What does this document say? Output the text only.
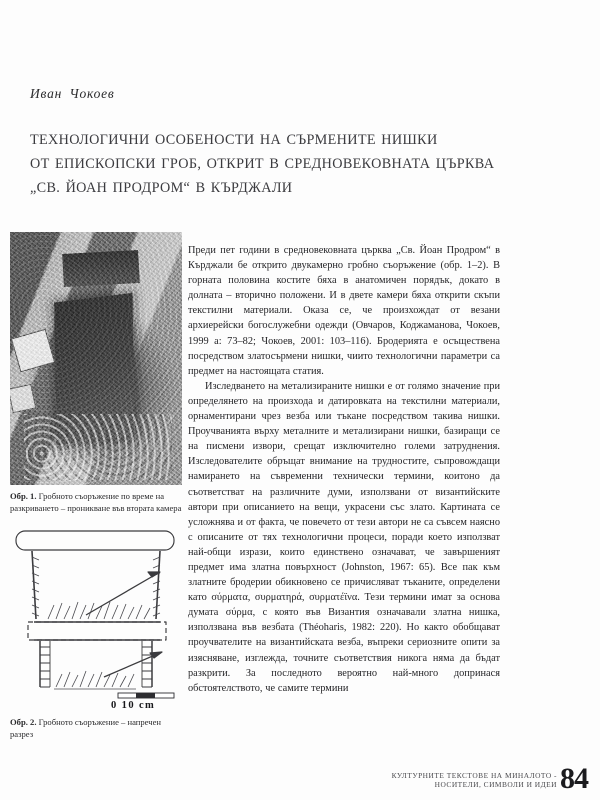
Иван Чокоев
ТЕХНОЛОГИЧНИ ОСОБЕНОСТИ НА СЪРМЕНИТЕ НИШКИ
ОТ ЕПИСКОПСКИ ГРОБ, ОТКРИТ В СРЕДНОВЕКОВНАТА ЦЪРКВА
„СВ. ЙОАН ПРОДРОМ“ В КЪРДЖАЛИ
Обр. 1. Гробното съоръжение по време на разкриването – проникване във втората камера
0 10 cm
Обр. 2. Гробното съоръжение – напречен разрез

Преди пет години в средновековната църква „Св. Йоан Продром“ в Кърджали бе открито двукамерно гробно съоръжение (обр. 1–2). В горната половина костите бяха в анатомичен порядък, докато в долната – вторично положени. И в двете камери бяха открити скъпи текстилни материали. Оказа се, че произхождат от везани архиерейски богослужебни одежди (Овчаров, Коджаманова, Чокоев, 1999 а: 73–82; Чокоев, 2001: 103–116). Бродерията е осъществена посредством златосърмени нишки, чиито технологични параметри са предмет на настоящата статия.

Изследването на метализираните нишки е от голямо значение при определянето на произхода и датировката на текстилни материали, орнаментирани чрез везба или тъкане посредством такива нишки. Проучванията върху металните и метализирани нишки, базиращи се на писмени извори, срещат изключително големи затруднения. Изследователите обръщат внимание на трудностите, съпровождащи намирането на съвременни технически термини, коитоно да съответстват на различните думи, използвани от византийските автори при описанието на вещи, украсени със злато. Картината се усложнява и от факта, че повечето от тези автори не са съвсем наясно с описаните от тях технологични процеси, поради което използват най-общи изрази, които единствено означават, че завършеният предмет има златна повърхност (Johnston, 1967: 65). Все пак към златните бродерии обикновено се причисляват тъканите, определени като σύρματα, συρματηρά, συρματέϊνα. Тези термини имат за основа думата σύρμα, с която във Византия означавали златна нишка, използвана във везбата (Théoharis, 1982: 220). Но както обобщават проучвателите на византийската везба, въпреки сериозните опити за изясняване, изглежда, точните съответствия никога няма да бъдат разкрити. За последното вероятно най-много допринася обстоятелството, че самите термини

КУЛТУРНИТЕ ТЕКСТОВЕ НА МИНАЛОТО -
НОСИТЕЛИ, СИМВОЛИ И ИДЕИ 84
